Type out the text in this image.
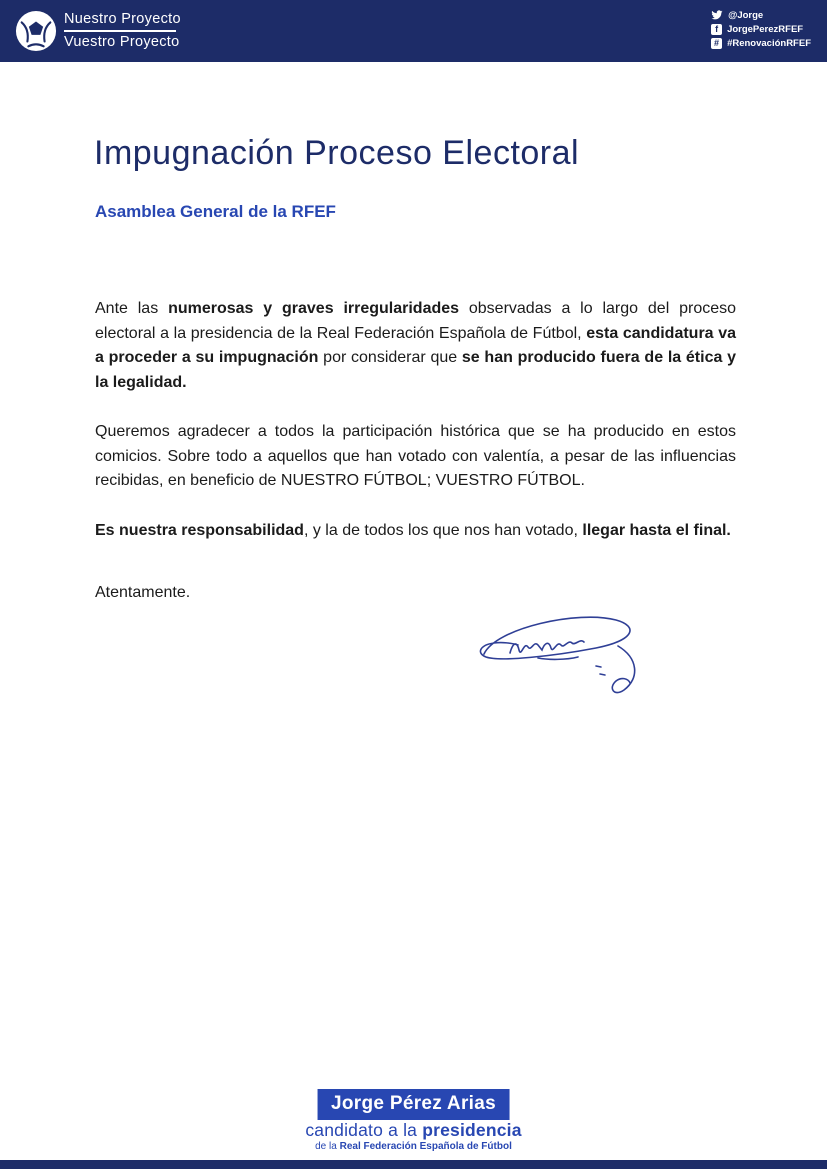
Nuestro Proyecto
Vuestro Proyecto
@Jorge
f JorgePerezRFEF
# #RenovaciónRFEF
Impugnación Proceso Electoral
Asamblea General de la RFEF

Ante las numerosas y graves irregularidades observadas a lo largo del proceso electoral a la presidencia de la Real Federación Española de Fútbol, esta candidatura va a proceder a su impugnación por considerar que se han producido fuera de la ética y la legalidad.

Queremos agradecer a todos la participación histórica que se ha producido en estos comicios. Sobre todo a aquellos que han votado con valentía, a pesar de las influencias recibidas, en beneficio de NUESTRO FÚTBOL; VUESTRO FÚTBOL.

Es nuestra responsabilidad, y la de todos los que nos han votado, llegar hasta el final.

Atentamente.
Jorge Pérez Arias
candidato a la presidencia
de la Real Federación Española de Fútbol
